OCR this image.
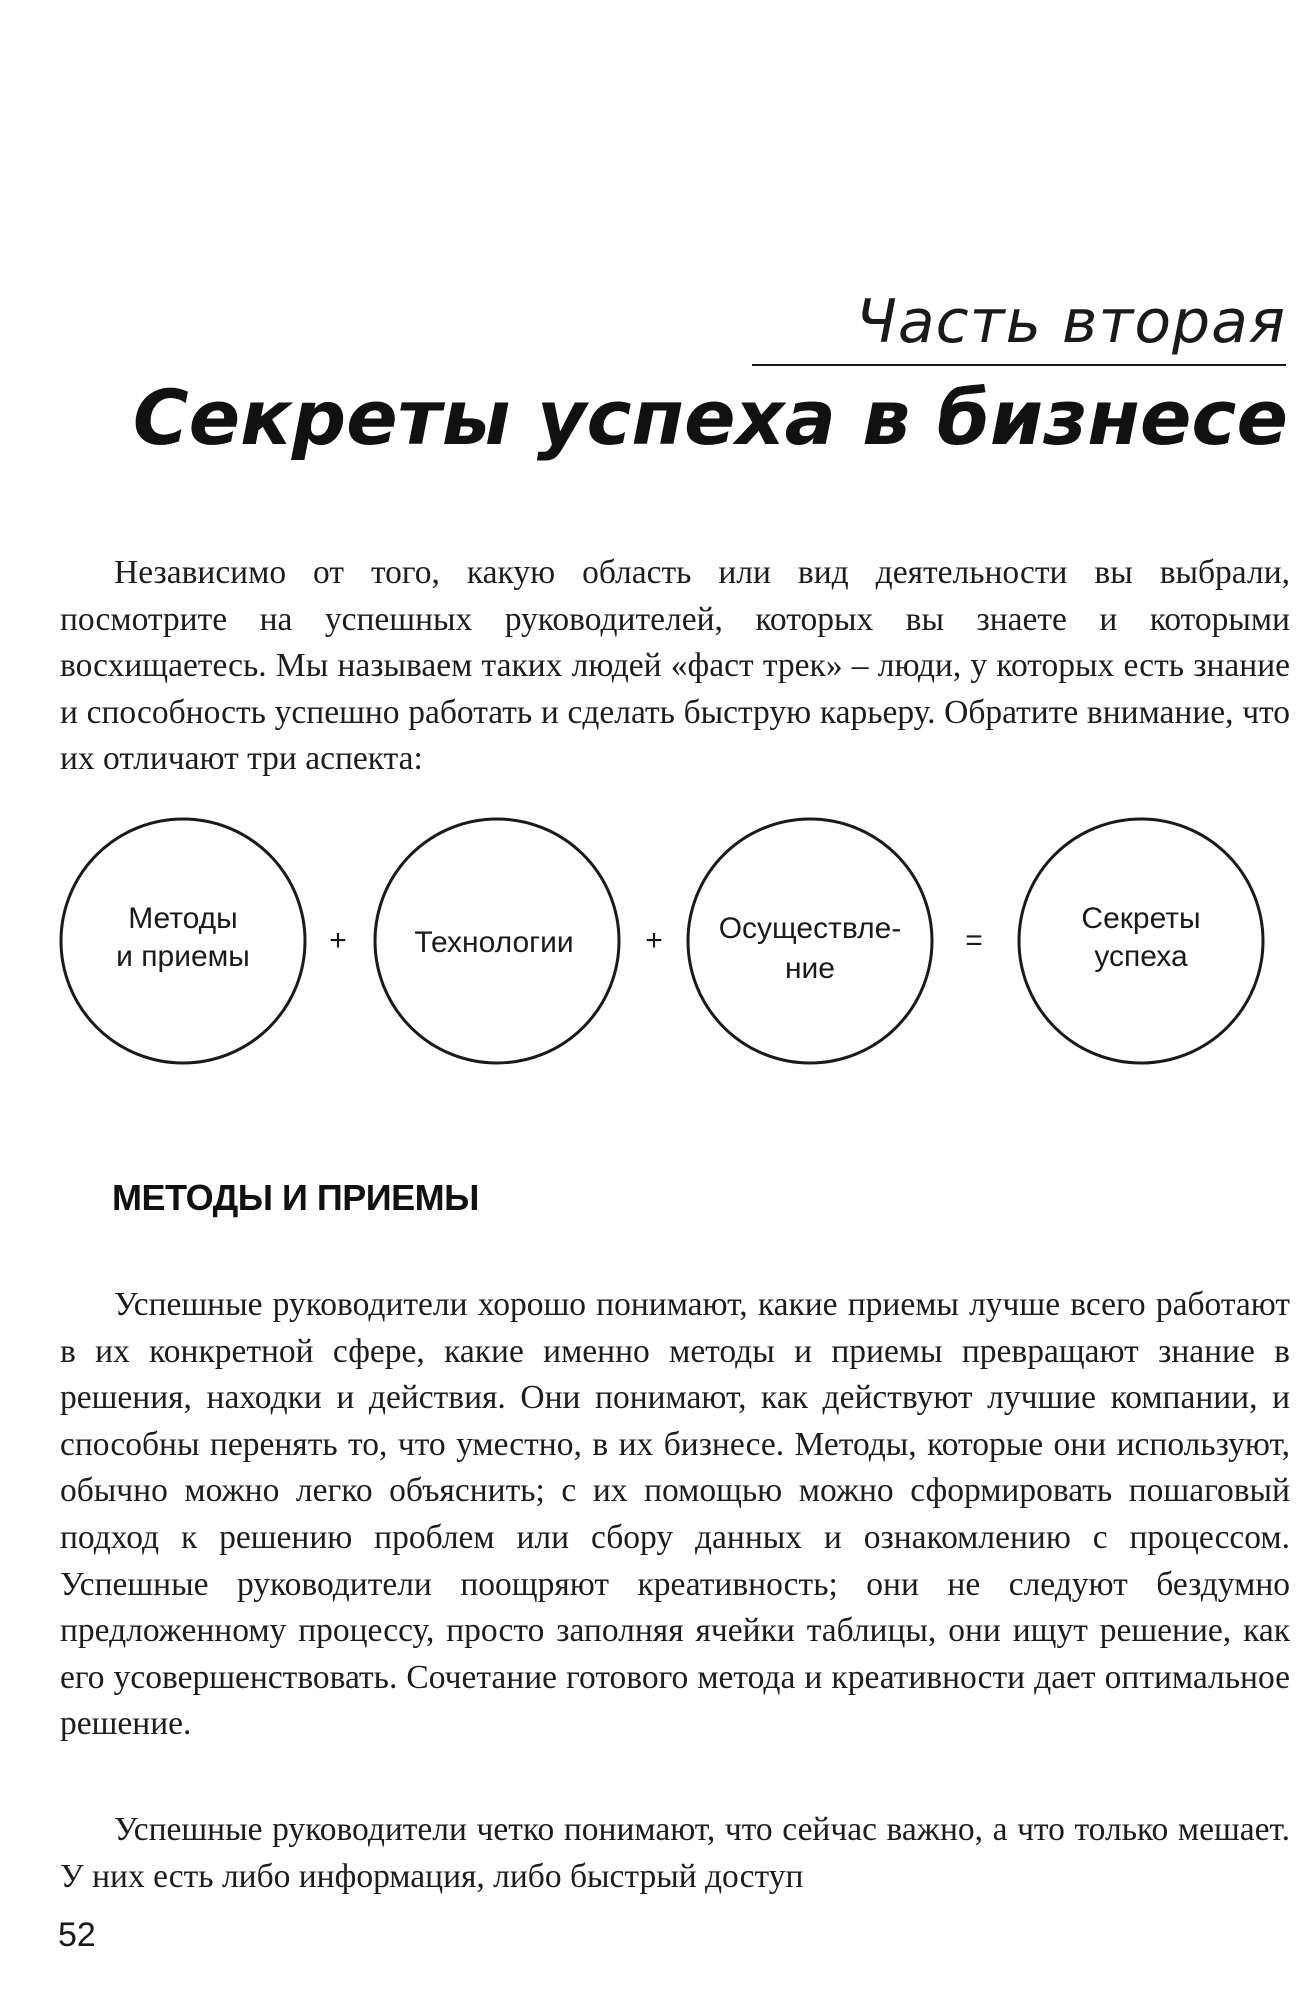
Часть вторая
Секреты успеха в бизнесе

Независимо от того, какую область или вид деятельности вы выбрали, посмотрите на успешных руководителей, которых вы знаете и которыми восхищаетесь. Мы называем таких людей «фаст трек» – люди, у которых есть знание и способность успешно работать и сделать быструю карьеру. Обратите внимание, что их отличают три аспекта:

Методы
и приемы	+ Технологии + Осуществле-
ние
=
Секреты
успеха
МЕТОДЫ И ПРИЕМЫ

Успешные руководители хорошо понимают, какие приемы лучше всего работают в их конкретной сфере, какие именно методы и приемы превращают знание в решения, находки и действия. Они понимают, как действуют лучшие компании, и способны перенять то, что уместно, в их бизнесе. Методы, которые они используют, обычно можно легко объяснить; с их помощью можно сформировать пошаговый подход к решению проблем или сбору данных и ознакомлению с процессом. Успешные руководители поощряют креативность; они не следуют бездумно предложенному процессу, просто заполняя ячейки таблицы, они ищут решение, как его усовершенствовать. Сочетание готового метода и креативности дает оптимальное решение.

Успешные руководители четко понимают, что сейчас важно, а что только мешает. У них есть либо информация, либо быстрый доступ

52
